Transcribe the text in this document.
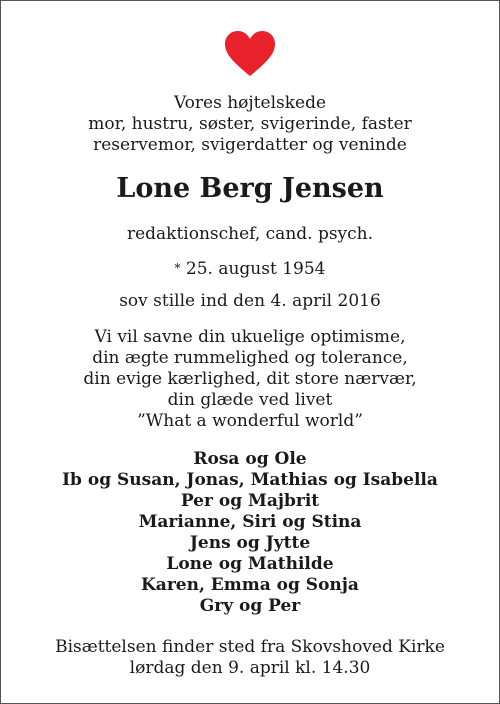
Vores højtelskede
mor, hustru, søster, svigerinde, faster
reservemor, svigerdatter og veninde
Lone Berg Jensen
redaktionschef, cand. psych.
* 25. august 1954
sov stille ind den 4. april 2016
Vi vil savne din ukuelige optimisme,
din ægte rummelighed og tolerance,
din evige kærlighed, dit store nærvær,
din glæde ved livet
”What a wonderful world”
Rosa og Ole
Ib og Susan, Jonas, Mathias og Isabella
Per og Majbrit
Marianne, Siri og Stina
Jens og Jytte
Lone og Mathilde
Karen, Emma og Sonja
Gry og Per
Bisættelsen finder sted fra Skovshoved Kirke
lørdag den 9. april kl. 14.30
